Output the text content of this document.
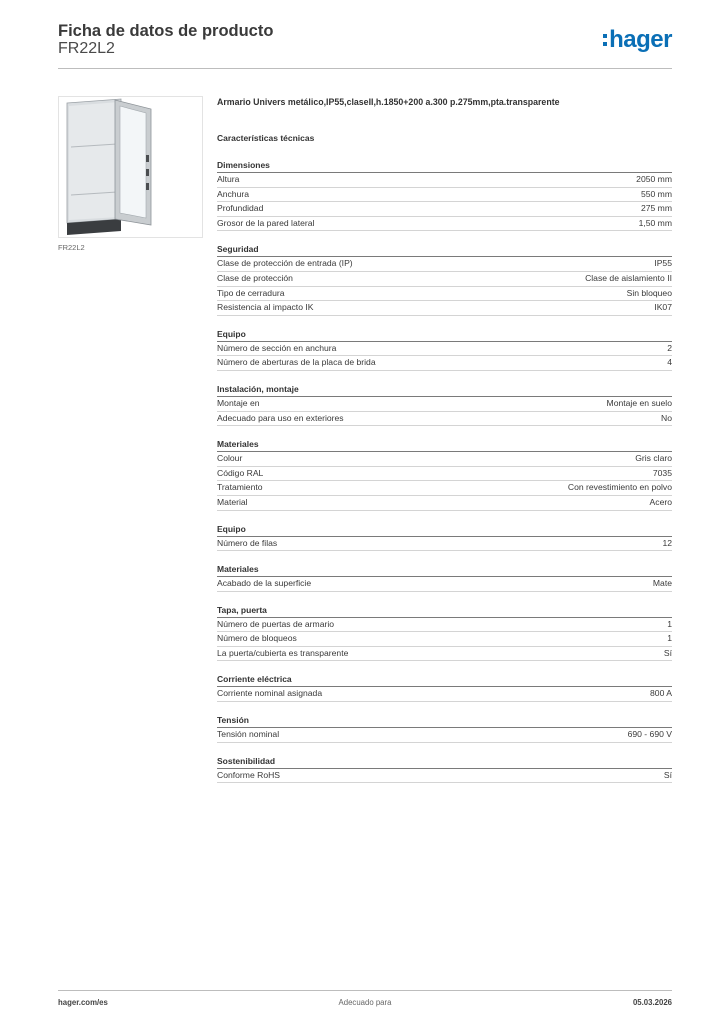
Ficha de datos de producto
FR22L2	hager
FR22L2
Armario Univers metálico,IP55,claseII,h.1850+200 a.300 p.275mm,pta.transparente
Características técnicas
Dimensiones
Altura	2050 mm
Anchura	550 mm
Profundidad	275 mm
Grosor de la pared lateral	1,50 mm
Seguridad
Clase de protección de entrada (IP)	IP55
Clase de protección	Clase de aislamiento II
Tipo de cerradura	Sin bloqueo
Resistencia al impacto IK	IK07
Equipo
Número de sección en anchura	2
Número de aberturas de la placa de brida	4
Instalación, montaje
Montaje en	Montaje en suelo
Adecuado para uso en exteriores	No
Materiales
Colour	Gris claro
Código RAL	7035
Tratamiento	Con revestimiento en polvo
Material	Acero
Equipo
Número de filas	12
Materiales
Acabado de la superficie	Mate
Tapa, puerta
Número de puertas de armario	1
Número de bloqueos	1
La puerta/cubierta es transparente	Sí
Corriente eléctrica
Corriente nominal asignada	800 A
Tensión
Tensión nominal	690 - 690 V
Sostenibilidad
Conforme RoHS	Sí
hager.com/es	Adecuado para	05.03.2026
